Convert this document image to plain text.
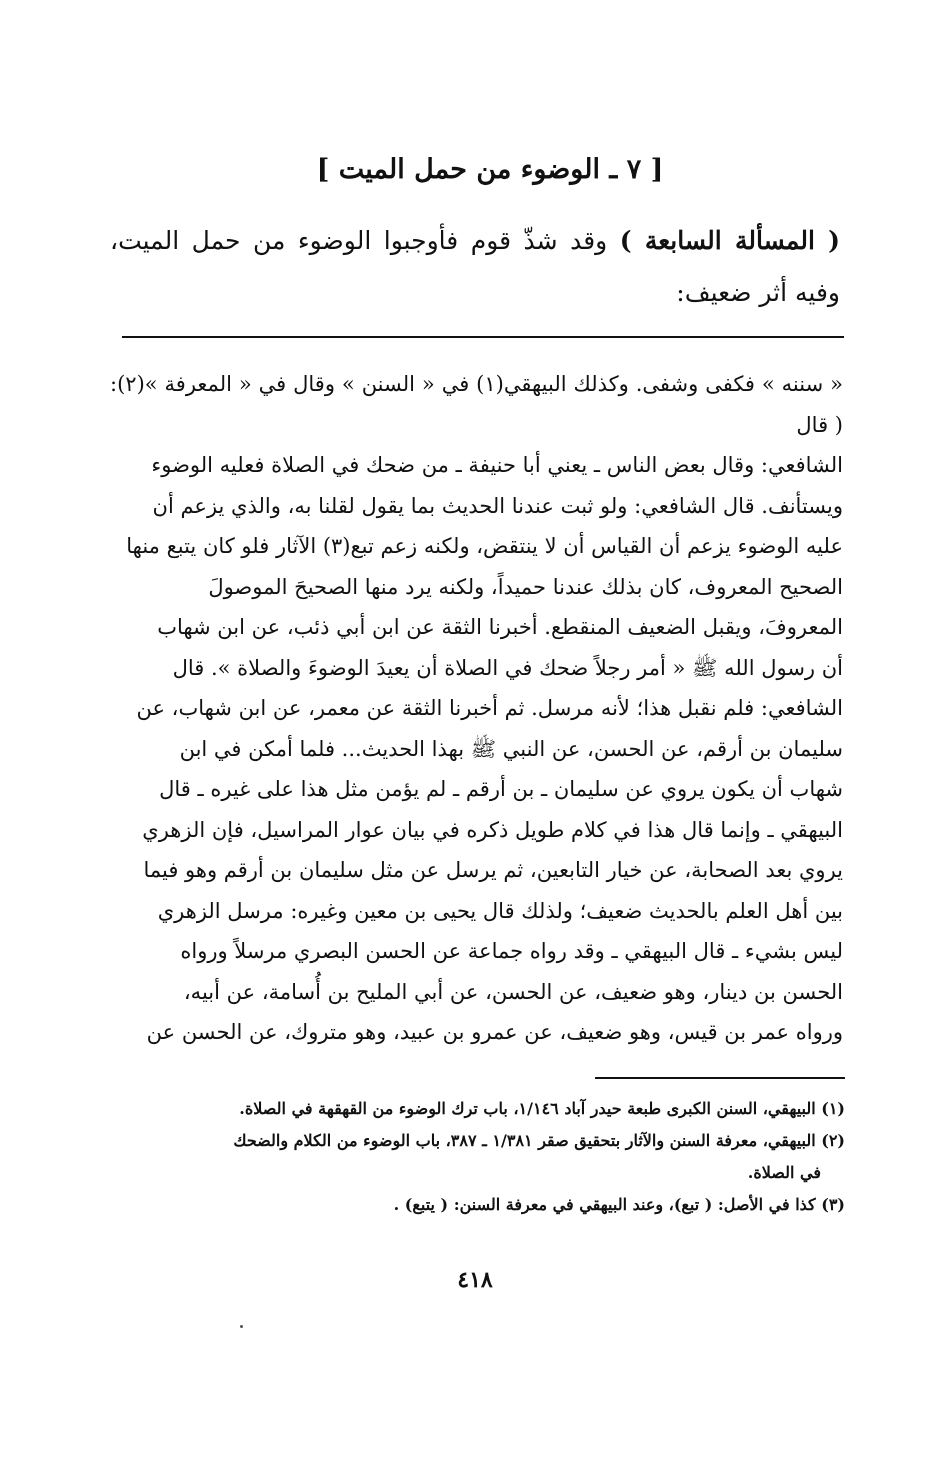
[ ٧ ـ الوضوء من حمل الميت ]
( المسألة السابعة ) وقد شذّ قوم فأوجبوا الوضوء من حمل الميت، وفيه أثر ضعيف:
« سننه » فكفى وشفى. وكذلك البيهقي(١) في « السنن » وقال في « المعرفة »(٢): ( قال
الشافعي: وقال بعض الناس ـ يعني أبا حنيفة ـ من ضحك في الصلاة فعليه الوضوء
ويستأنف. قال الشافعي: ولو ثبت عندنا الحديث بما يقول لقلنا به، والذي يزعم أن
عليه الوضوء يزعم أن القياس أن لا ينتقض، ولكنه زعم تبع(٣) الآثار فلو كان يتبع منها
الصحيح المعروف، كان بذلك عندنا حميداً، ولكنه يرد منها الصحيحَ الموصولَ
المعروفَ، ويقبل الضعيف المنقطع. أخبرنا الثقة عن ابن أبي ذئب، عن ابن شهاب
أن رسول الله ﷺ « أمر رجلاً ضحك في الصلاة أن يعيدَ الوضوءَ والصلاة ». قال
الشافعي: فلم نقبل هذا؛ لأنه مرسل. ثم أخبرنا الثقة عن معمر، عن ابن شهاب، عن
سليمان بن أرقم، عن الحسن، عن النبي ﷺ بهذا الحديث... فلما أمكن في ابن
شهاب أن يكون يروي عن سليمان ـ بن أرقم ـ لم يؤمن مثل هذا على غيره ـ قال
البيهقي ـ وإنما قال هذا في كلام طويل ذكره في بيان عوار المراسيل، فإن الزهري
يروي بعد الصحابة، عن خيار التابعين، ثم يرسل عن مثل سليمان بن أرقم وهو فيما
بين أهل العلم بالحديث ضعيف؛ ولذلك قال يحيى بن معين وغيره: مرسل الزهري
ليس بشيء ـ قال البيهقي ـ وقد رواه جماعة عن الحسن البصري مرسلاً ورواه
الحسن بن دينار، وهو ضعيف، عن الحسن، عن أبي المليح بن أُسامة، عن أبيه،
ورواه عمر بن قيس، وهو ضعيف، عن عمرو بن عبيد، وهو متروك، عن الحسن عن

(١) البيهقي، السنن الكبرى طبعة حيدر آباد ١/١٤٦، باب ترك الوضوء من القهقهة في الصلاة.

(٢) البيهقي، معرفة السنن والآثار بتحقيق صقر ١/٣٨١ ـ ٣٨٧، باب الوضوء من الكلام والضحك
في الصلاة.

(٣) كذا في الأصل: ( تبع)، وعند البيهقي في معرفة السنن: ( يتبع) .

٤١٨
